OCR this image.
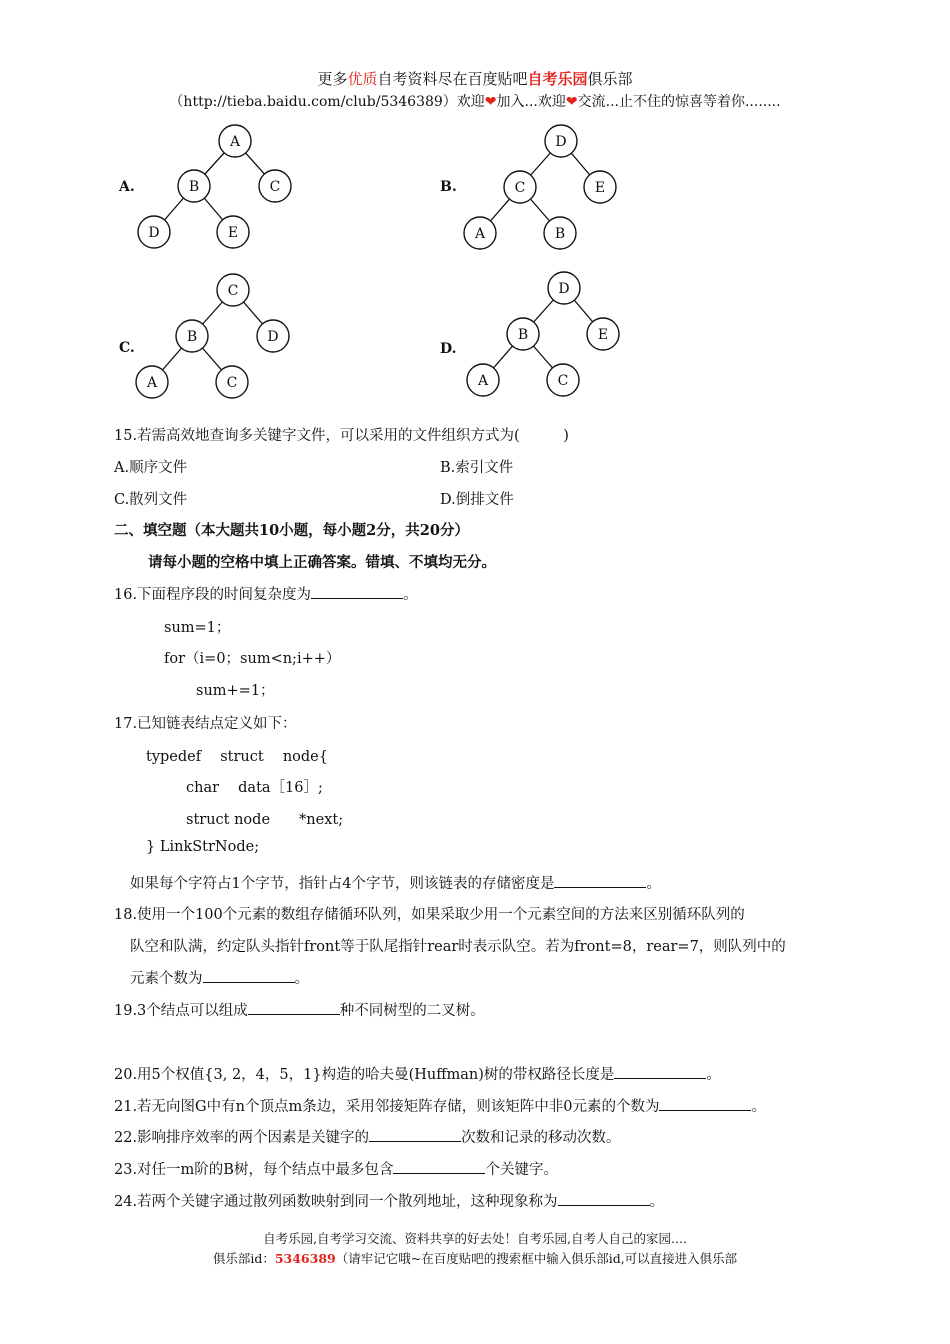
更多优质自考资料尽在百度贴吧自考乐园俱乐部
（http://tieba.baidu.com/club/5346389）欢迎❤加入...欢迎❤交流...止不住的惊喜等着你........
A.
A
B	C
D	E
B.
D
C	E
A	B
C.
C
B	D
A	C
D.
D
B	E
A	C
15.若需高效地查询多关键字文件，可以采用的文件组织方式为(　　　)
A.顺序文件	B.索引文件
C.散列文件	D.倒排文件
二、填空题（本大题共10小题，每小题2分，共20分）
请每小题的空格中填上正确答案。错填、不填均无分。
16.下面程序段的时间复杂度为	。
sum=1；
for（i=0；sum<n;i++）
sum+=1；
17.已知链表结点定义如下：
typedef　 struct　 node{
char　 data［16］;
struct node　　*next;
} LinkStrNode;
如果每个字符占1个字节，指针占4个字节，则该链表的存储密度是	。
18.使用一个100个元素的数组存储循环队列，如果采取少用一个元素空间的方法来区别循环队列的
队空和队满，约定队头指针front等于队尾指针rear时表示队空。若为front=8，rear=7，则队列中的
元素个数为	。
19.3个结点可以组成	种不同树型的二叉树。
20.用5个权值{3, 2，4，5，1}构造的哈夫曼(Huffman)树的带权路径长度是	。
21.若无向图G中有n个顶点m条边，采用邻接矩阵存储，则该矩阵中非0元素的个数为	。
22.影响排序效率的两个因素是关键字的	次数和记录的移动次数。
23.对任一m阶的B树，每个结点中最多包含	个关键字。
24.若两个关键字通过散列函数映射到同一个散列地址，这种现象称为	。
自考乐园,自考学习交流、资料共享的好去处！自考乐园,自考人自己的家园....
俱乐部id：5346389（请牢记它哦~在百度贴吧的搜索框中输入俱乐部id,可以直接进入俱乐部
